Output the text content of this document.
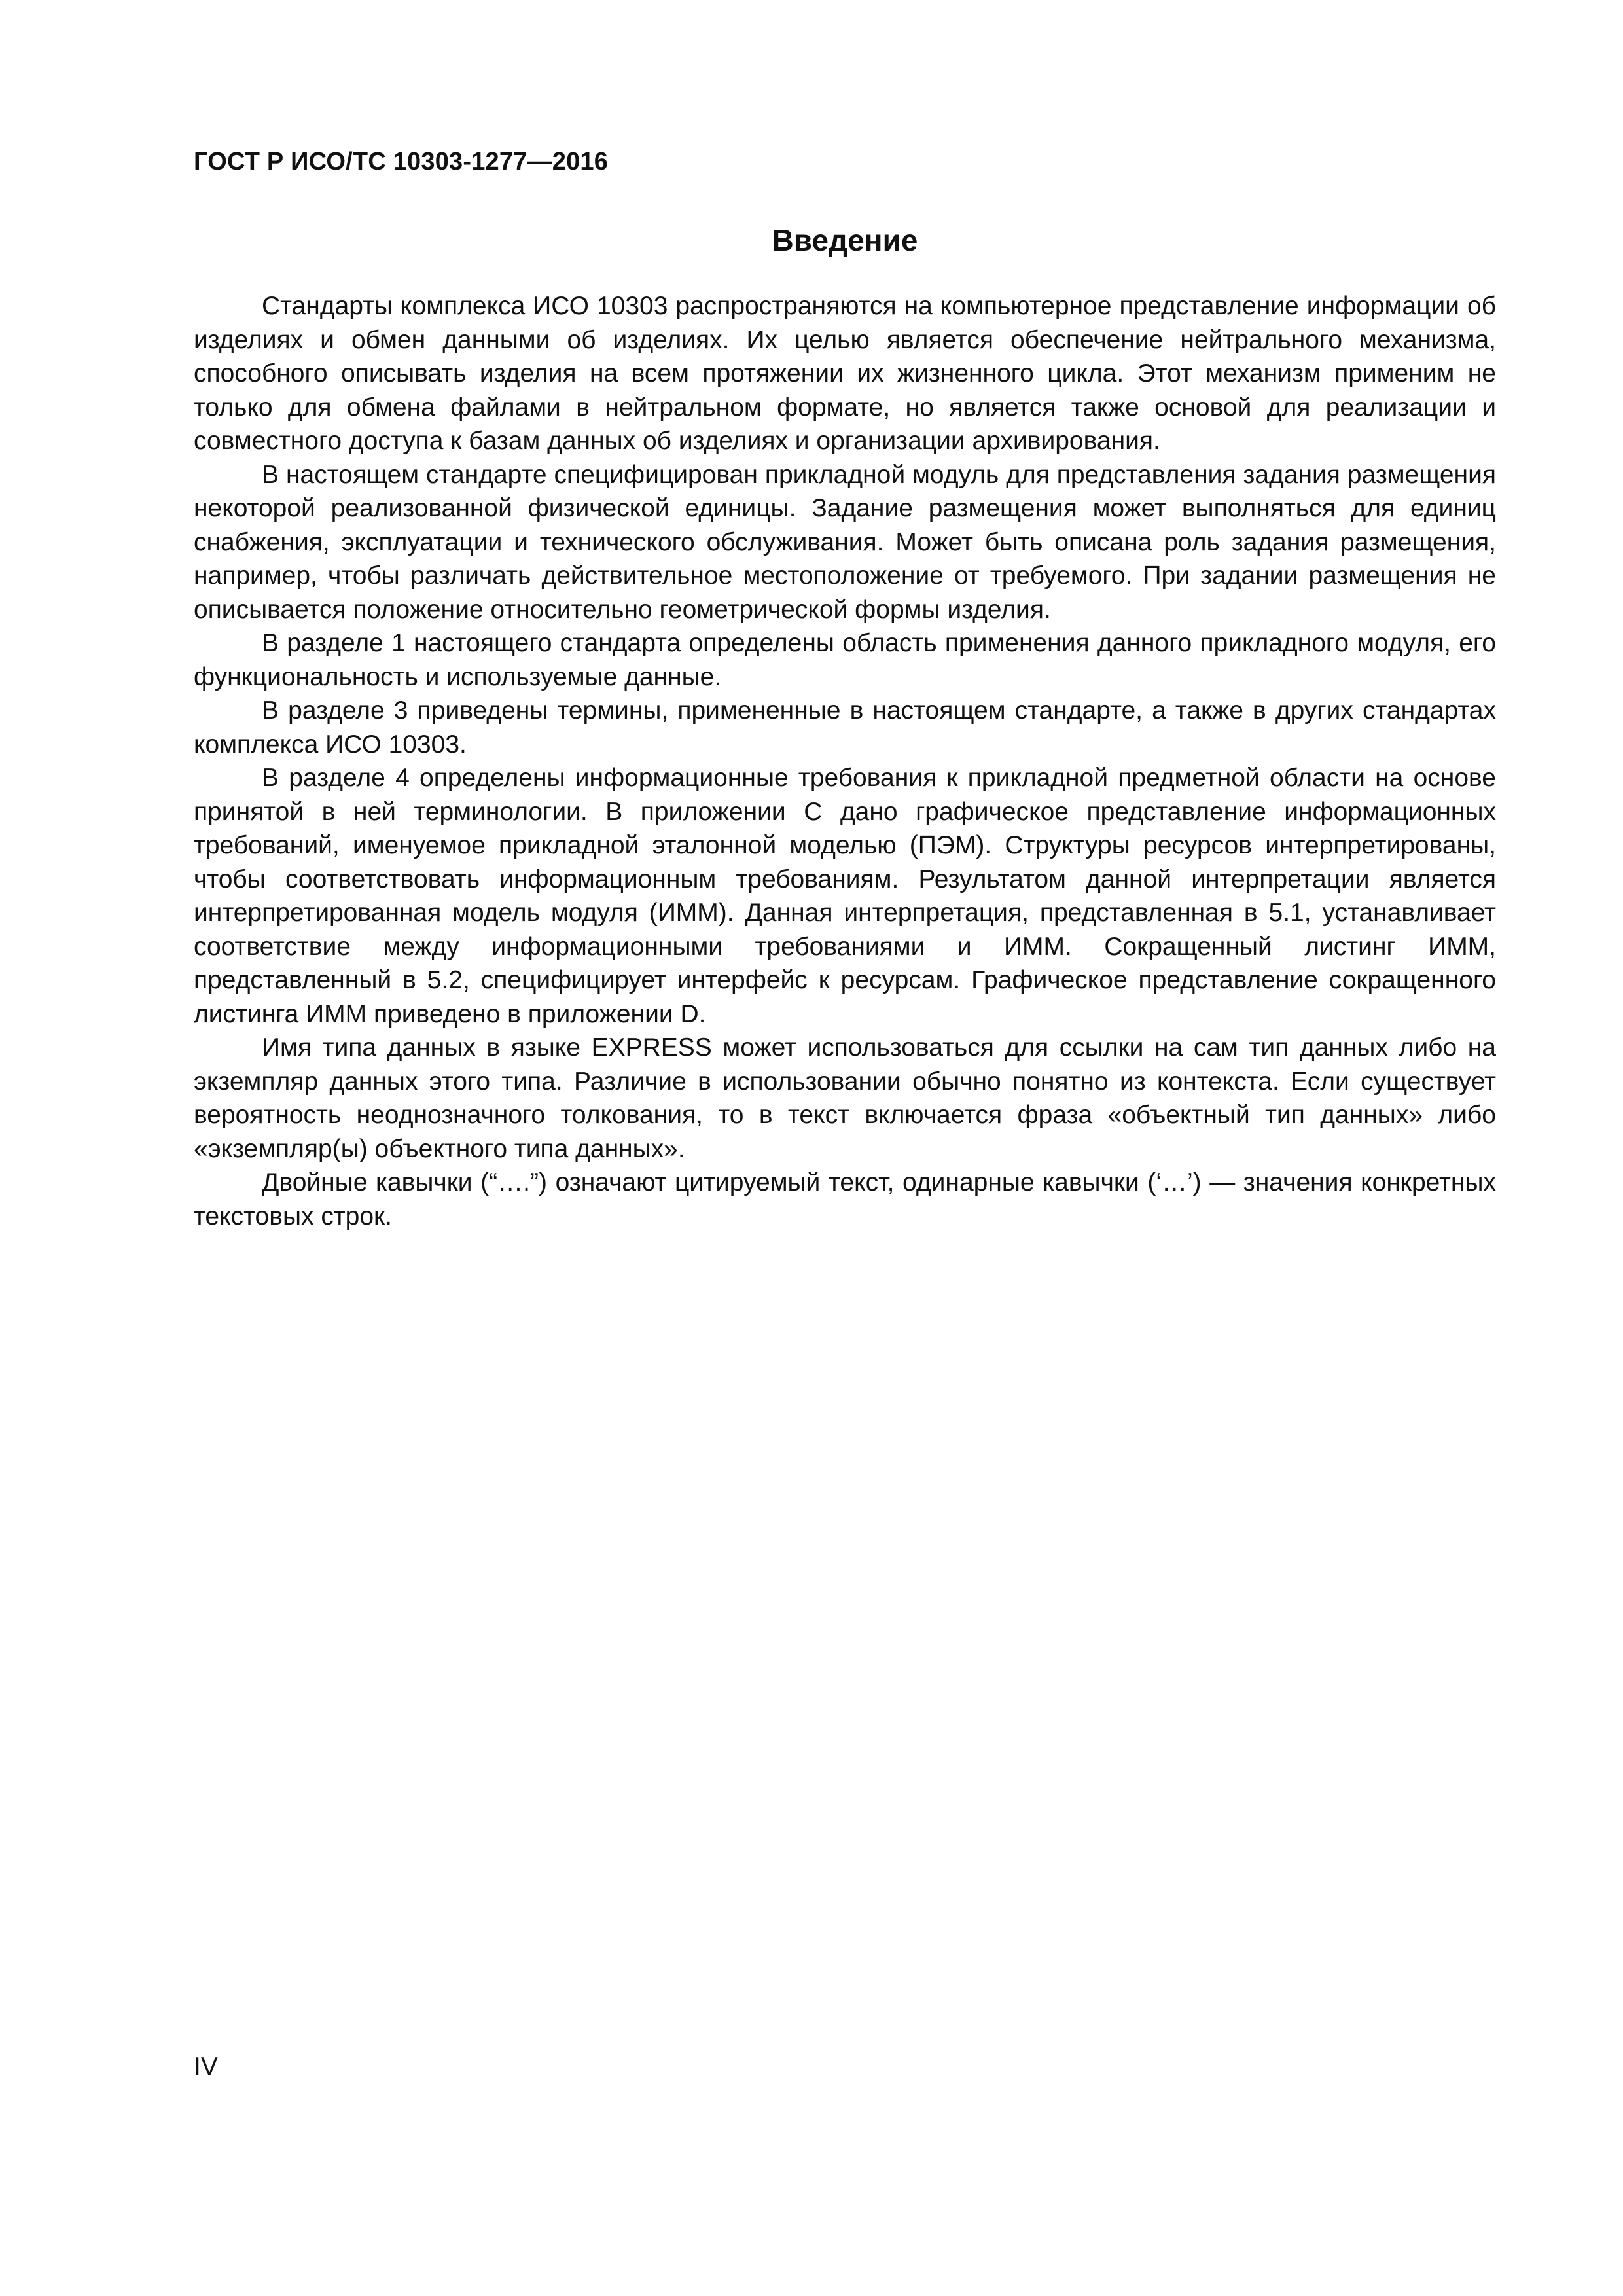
ГОСТ Р ИСО/ТС 10303-1277—2016
Введение

Стандарты комплекса ИСО 10303 распространяются на компьютерное представление информации об изделиях и обмен данными об изделиях. Их целью является обеспечение нейтрального механизма, способного описывать изделия на всем протяжении их жизненного цикла. Этот механизм применим не только для обмена файлами в нейтральном формате, но является также основой для реализации и совместного доступа к базам данных об изделиях и организации архивирования.

В настоящем стандарте специфицирован прикладной модуль для представления задания размещения некоторой реализованной физической единицы. Задание размещения может выполняться для единиц снабжения, эксплуатации и технического обслуживания. Может быть описана роль задания размещения, например, чтобы различать действительное местоположение от требуемого. При задании размещения не описывается положение относительно геометрической формы изделия.

В разделе 1 настоящего стандарта определены область применения данного прикладного модуля, его функциональность и используемые данные.

В разделе 3 приведены термины, примененные в настоящем стандарте, а также в других стандартах комплекса ИСО 10303.

В разделе 4 определены информационные требования к прикладной предметной области на основе принятой в ней терминологии. В приложении С дано графическое представление информационных требований, именуемое прикладной эталонной моделью (ПЭМ). Структуры ресурсов интерпретированы, чтобы соответствовать информационным требованиям. Результатом данной интерпретации является интерпретированная модель модуля (ИММ). Данная интерпретация, представленная в 5.1, устанавливает соответствие между информационными требованиями и ИММ. Сокращенный листинг ИММ, представленный в 5.2, специфицирует интерфейс к ресурсам. Графическое представление сокращенного листинга ИММ приведено в приложении D.

Имя типа данных в языке EXPRESS может использоваться для ссылки на сам тип данных либо на экземпляр данных этого типа. Различие в использовании обычно понятно из контекста. Если существует вероятность неоднозначного толкования, то в текст включается фраза «объектный тип данных» либо «экземпляр(ы) объектного типа данных».

Двойные кавычки (“….”) означают цитируемый текст, одинарные кавычки (‘…’) — значения конкретных текстовых строк.

IV
